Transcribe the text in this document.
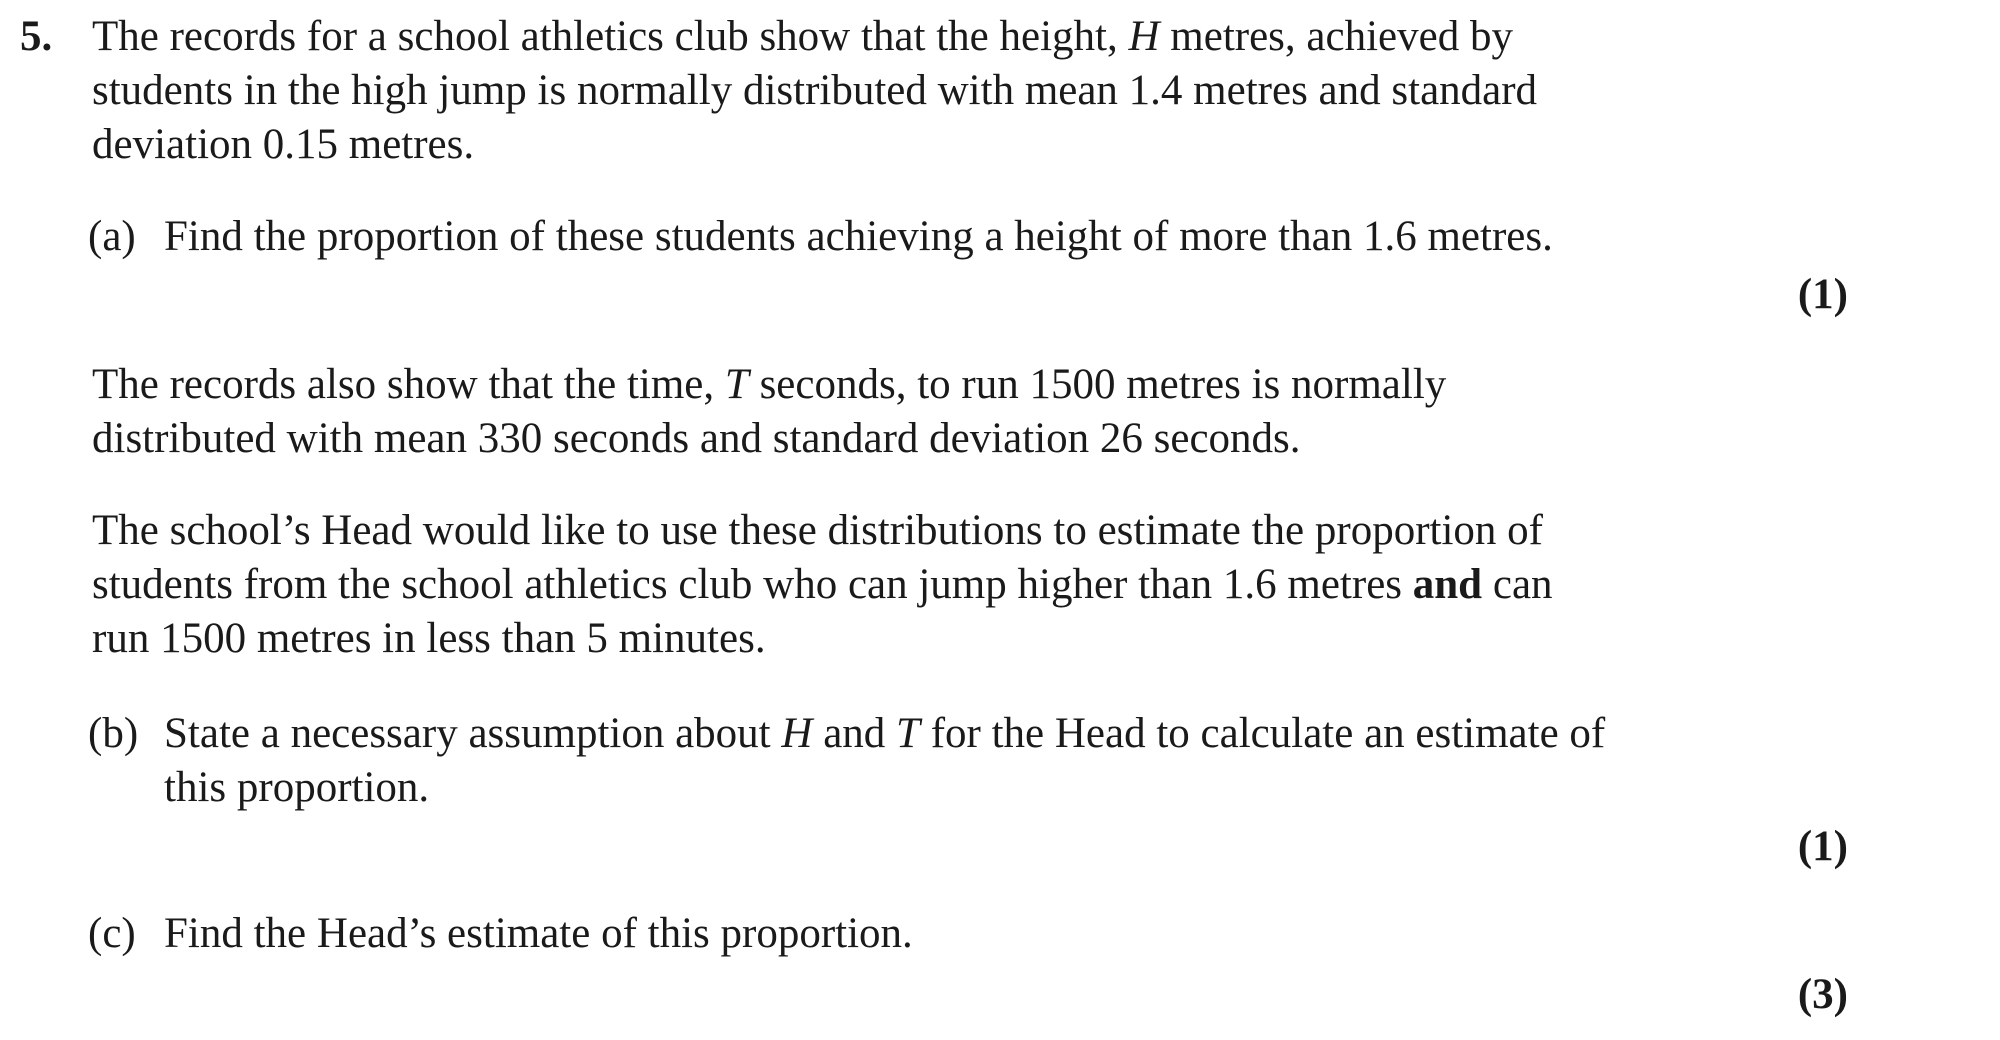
5. The records for a school athletics club show that the height, H metres, achieved by
students in the high jump is normally distributed with mean 1.4 metres and standard
deviation 0.15 metres.

(a) Find the proportion of these students achieving a height of more than 1.6 metres.
(1)

The records also show that the time, T seconds, to run 1500 metres is normally
distributed with mean 330 seconds and standard deviation 26 seconds.

The school’s Head would like to use these distributions to estimate the proportion of
students from the school athletics club who can jump higher than 1.6 metres and can
run 1500 metres in less than 5 minutes.

(b) State a necessary assumption about H and T for the Head to calculate an estimate of
this proportion.
(1)
(c) Find the Head’s estimate of this proportion.
(3)
